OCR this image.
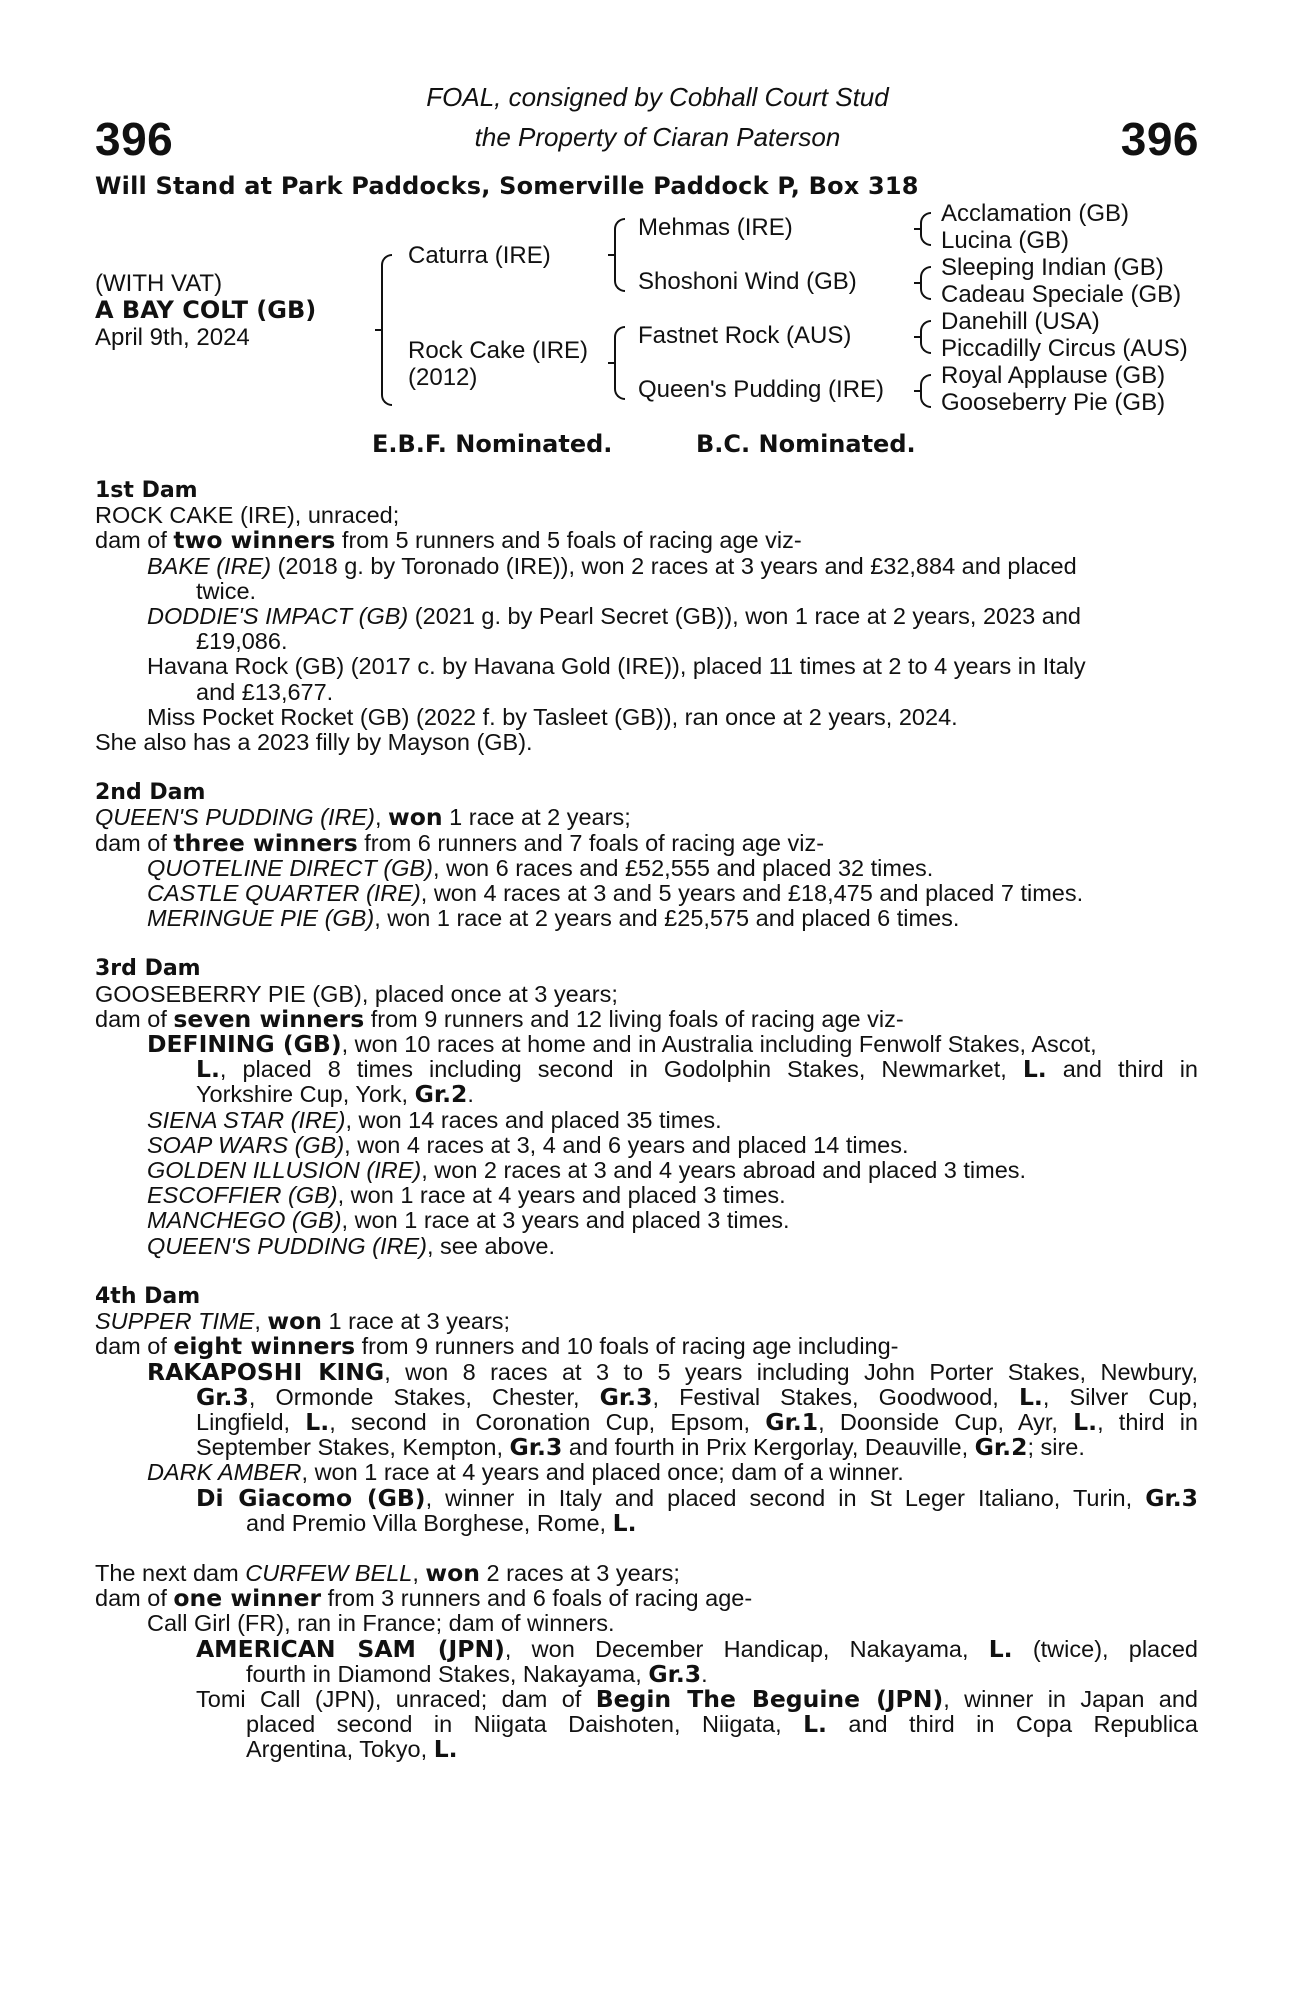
396	396
FOAL, consigned by Cobhall Court Stud
the Property of Ciaran Paterson
Will Stand at Park Paddocks, Somerville Paddock P, Box 318
(WITH VAT)
A BAY COLT (GB)
April 9th, 2024
Caturra (IRE)
Rock Cake (IRE)
(2012)
Mehmas (IRE)
Shoshoni Wind (GB)
Fastnet Rock (AUS)
Queen's Pudding (IRE)
Acclamation (GB)
Lucina (GB)
Sleeping Indian (GB)
Cadeau Speciale (GB)
Danehill (USA)
Piccadilly Circus (AUS)
Royal Applause (GB)
Gooseberry Pie (GB)
E.B.F. Nominated.	B.C. Nominated.
1st Dam
ROCK CAKE (IRE), unraced;
dam of two winners from 5 runners and 5 foals of racing age viz-
BAKE (IRE) (2018 g. by Toronado (IRE)), won 2 races at 3 years and £32,884 and placed
twice.
DODDIE'S IMPACT (GB) (2021 g. by Pearl Secret (GB)), won 1 race at 2 years, 2023 and
£19,086.
Havana Rock (GB) (2017 c. by Havana Gold (IRE)), placed 11 times at 2 to 4 years in Italy
and £13,677.
Miss Pocket Rocket (GB) (2022 f. by Tasleet (GB)), ran once at 2 years, 2024.
She also has a 2023 filly by Mayson (GB).
2nd Dam
QUEEN'S PUDDING (IRE), won 1 race at 2 years;
dam of three winners from 6 runners and 7 foals of racing age viz-
QUOTELINE DIRECT (GB), won 6 races and £52,555 and placed 32 times.
CASTLE QUARTER (IRE), won 4 races at 3 and 5 years and £18,475 and placed 7 times.
MERINGUE PIE (GB), won 1 race at 2 years and £25,575 and placed 6 times.
3rd Dam
GOOSEBERRY PIE (GB), placed once at 3 years;
dam of seven winners from 9 runners and 12 living foals of racing age viz-
DEFINING (GB), won 10 races at home and in Australia including Fenwolf Stakes, Ascot,
L., placed 8 times including second in Godolphin Stakes, Newmarket, L. and third in
Yorkshire Cup, York, Gr.2.
SIENA STAR (IRE), won 14 races and placed 35 times.
SOAP WARS (GB), won 4 races at 3, 4 and 6 years and placed 14 times.
GOLDEN ILLUSION (IRE), won 2 races at 3 and 4 years abroad and placed 3 times.
ESCOFFIER (GB), won 1 race at 4 years and placed 3 times.
MANCHEGO (GB), won 1 race at 3 years and placed 3 times.
QUEEN'S PUDDING (IRE), see above.
4th Dam
SUPPER TIME, won 1 race at 3 years;
dam of eight winners from 9 runners and 10 foals of racing age including-
RAKAPOSHI KING, won 8 races at 3 to 5 years including John Porter Stakes, Newbury,
Gr.3, Ormonde Stakes, Chester, Gr.3, Festival Stakes, Goodwood, L., Silver Cup,
Lingfield, L., second in Coronation Cup, Epsom, Gr.1, Doonside Cup, Ayr, L., third in
September Stakes, Kempton, Gr.3 and fourth in Prix Kergorlay, Deauville, Gr.2; sire.
DARK AMBER, won 1 race at 4 years and placed once; dam of a winner.
Di Giacomo (GB), winner in Italy and placed second in St Leger Italiano, Turin, Gr.3
and Premio Villa Borghese, Rome, L.
The next dam CURFEW BELL, won 2 races at 3 years;
dam of one winner from 3 runners and 6 foals of racing age-
Call Girl (FR), ran in France; dam of winners.
AMERICAN SAM (JPN), won December Handicap, Nakayama, L. (twice), placed
fourth in Diamond Stakes, Nakayama, Gr.3.
Tomi Call (JPN), unraced; dam of Begin The Beguine (JPN), winner in Japan and
placed second in Niigata Daishoten, Niigata, L. and third in Copa Republica
Argentina, Tokyo, L.
